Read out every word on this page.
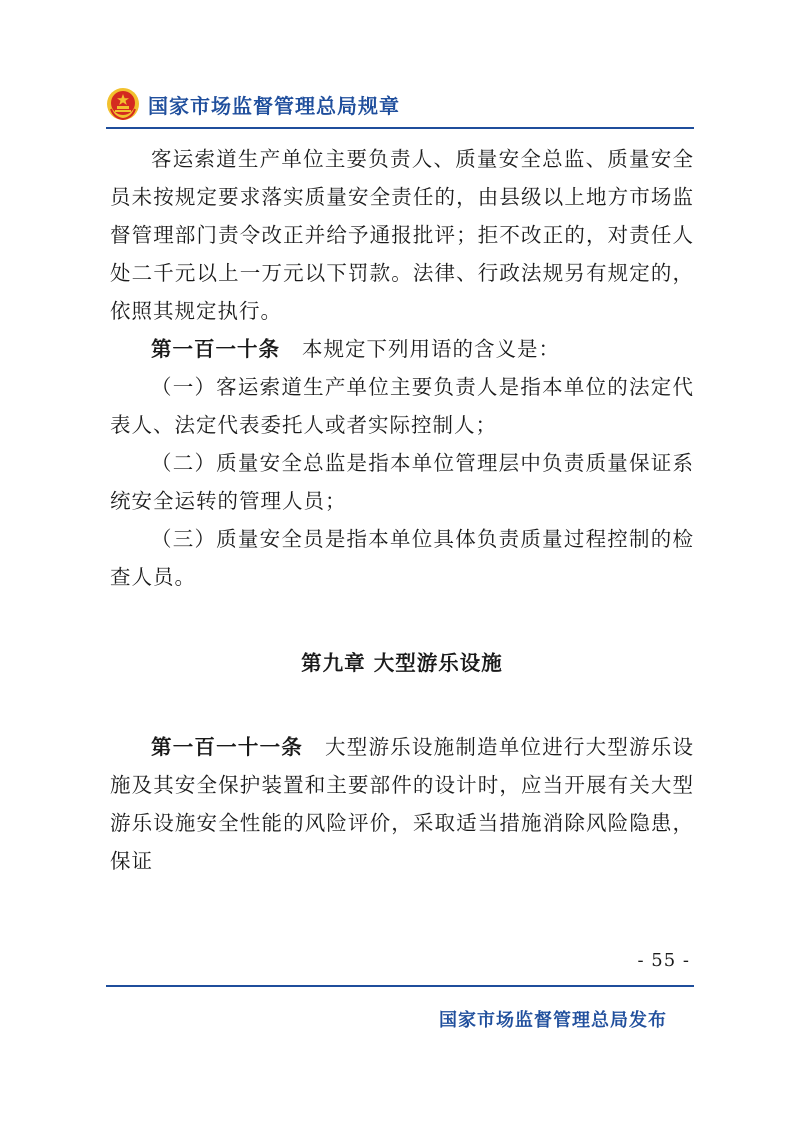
国家市场监督管理总局规章

客运索道生产单位主要负责人、质量安全总监、质量安全员未按规定要求落实质量安全责任的，由县级以上地方市场监督管理部门责令改正并给予通报批评；拒不改正的，对责任人处二千元以上一万元以下罚款。法律、行政法规另有规定的，依照其规定执行。

第一百一十条 本规定下列用语的含义是：

（一）客运索道生产单位主要负责人是指本单位的法定代表人、法定代表委托人或者实际控制人；

（二）质量安全总监是指本单位管理层中负责质量保证系统安全运转的管理人员；

（三）质量安全员是指本单位具体负责质量过程控制的检查人员。

第九章 大型游乐设施

第一百一十一条 大型游乐设施制造单位进行大型游乐设施及其安全保护装置和主要部件的设计时，应当开展有关大型游乐设施安全性能的风险评价，采取适当措施消除风险隐患，保证

- 55 -
国家市场监督管理总局发布
